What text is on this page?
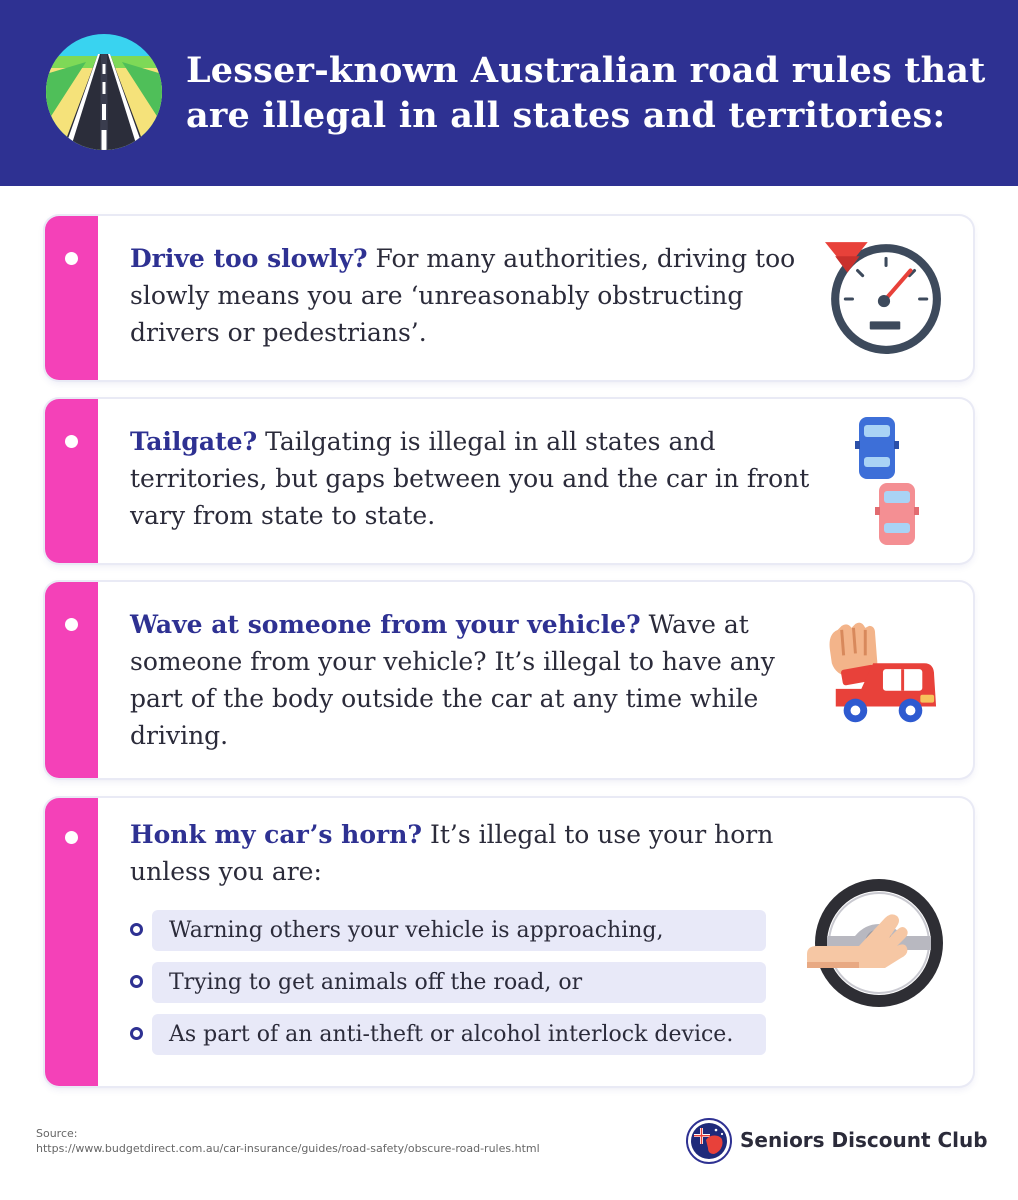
Lesser-known Australian road rules that are illegal in all states and territories:
Drive too slowly? For many authorities, driving too slowly means you are ‘unreasonably obstructing drivers or pedestrians’.
Tailgate? Tailgating is illegal in all states and territories, but gaps between you and the car in front vary from state to state.
Wave at someone from your vehicle? Wave at someone from your vehicle? It’s illegal to have any part of the body outside the car at any time while driving.
Honk my car’s horn? It’s illegal to use your horn unless you are:
Warning others your vehicle is approaching,
Trying to get animals off the road, or
As part of an anti-theft or alcohol interlock device.
Source:
https://www.budgetdirect.com.au/car-insurance/guides/road-safety/obscure-road-rules.html	Seniors Discount Club
